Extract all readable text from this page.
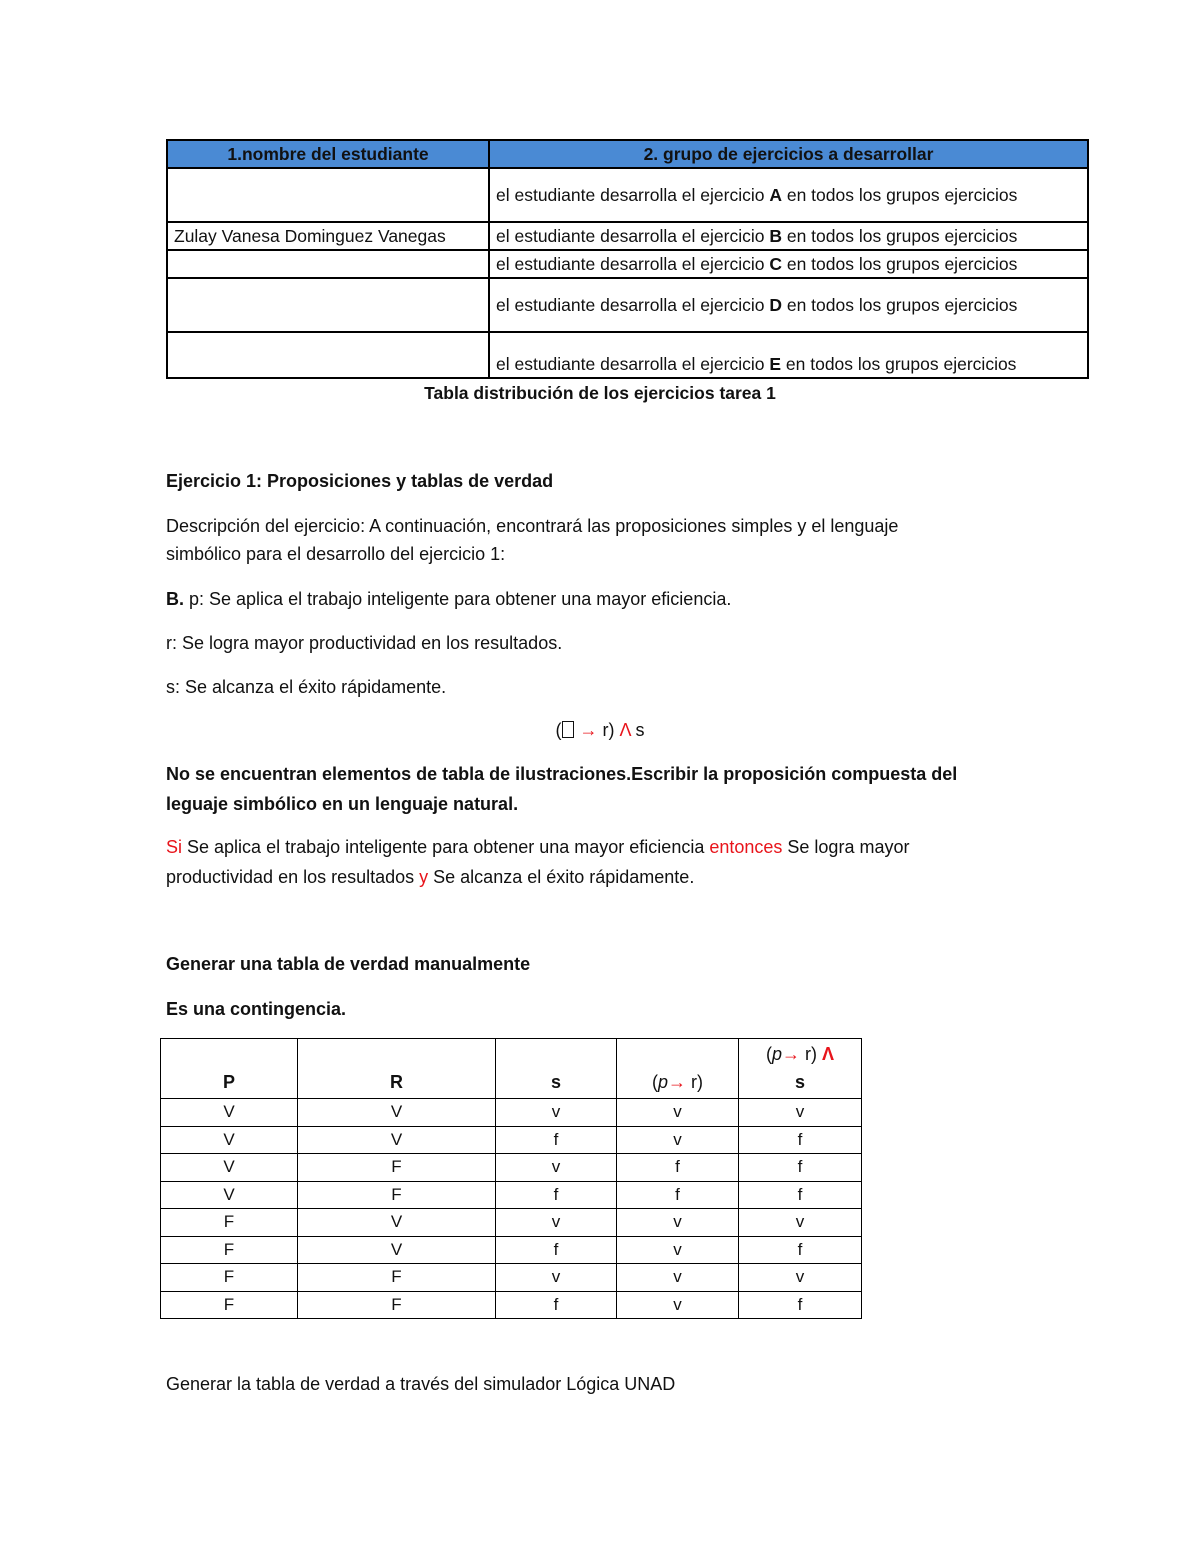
1.nombre del estudiante	2. grupo de ejercicios a desarrollar
	el estudiante desarrolla el ejercicio A en todos los grupos ejercicios
Zulay Vanesa Dominguez Vanegas	el estudiante desarrolla el ejercicio B en todos los grupos ejercicios
	el estudiante desarrolla el ejercicio C en todos los grupos ejercicios
	el estudiante desarrolla el ejercicio D en todos los grupos ejercicios
	el estudiante desarrolla el ejercicio E en todos los grupos ejercicios
Tabla distribución de los ejercicios tarea 1
Ejercicio 1: Proposiciones y tablas de verdad
Descripción del ejercicio: A continuación, encontrará las proposiciones simples y el lenguaje
simbólico para el desarrollo del ejercicio 1:
B. p: Se aplica el trabajo inteligente para obtener una mayor eficiencia.
r: Se logra mayor productividad en los resultados.
s: Se alcanza el éxito rápidamente.
( → r) Λ s
No se encuentran elementos de tabla de ilustraciones.Escribir la proposición compuesta del
leguaje simbólico en un lenguaje natural.
Si Se aplica el trabajo inteligente para obtener una mayor eficiencia entonces Se logra mayor
productividad en los resultados y Se alcanza el éxito rápidamente.
Generar una tabla de verdad manualmente
Es una contingencia.
P	R	s	(p→ r)	(p→ r) Λ
s

V	V	v	v	v
V	V	f	v	f
V	F	v	f	f
V	F	f	f	f
F	V	v	v	v
F	V	f	v	f
F	F	v	v	v
F	F	f	v	f
Generar la tabla de verdad a través del simulador Lógica UNAD
